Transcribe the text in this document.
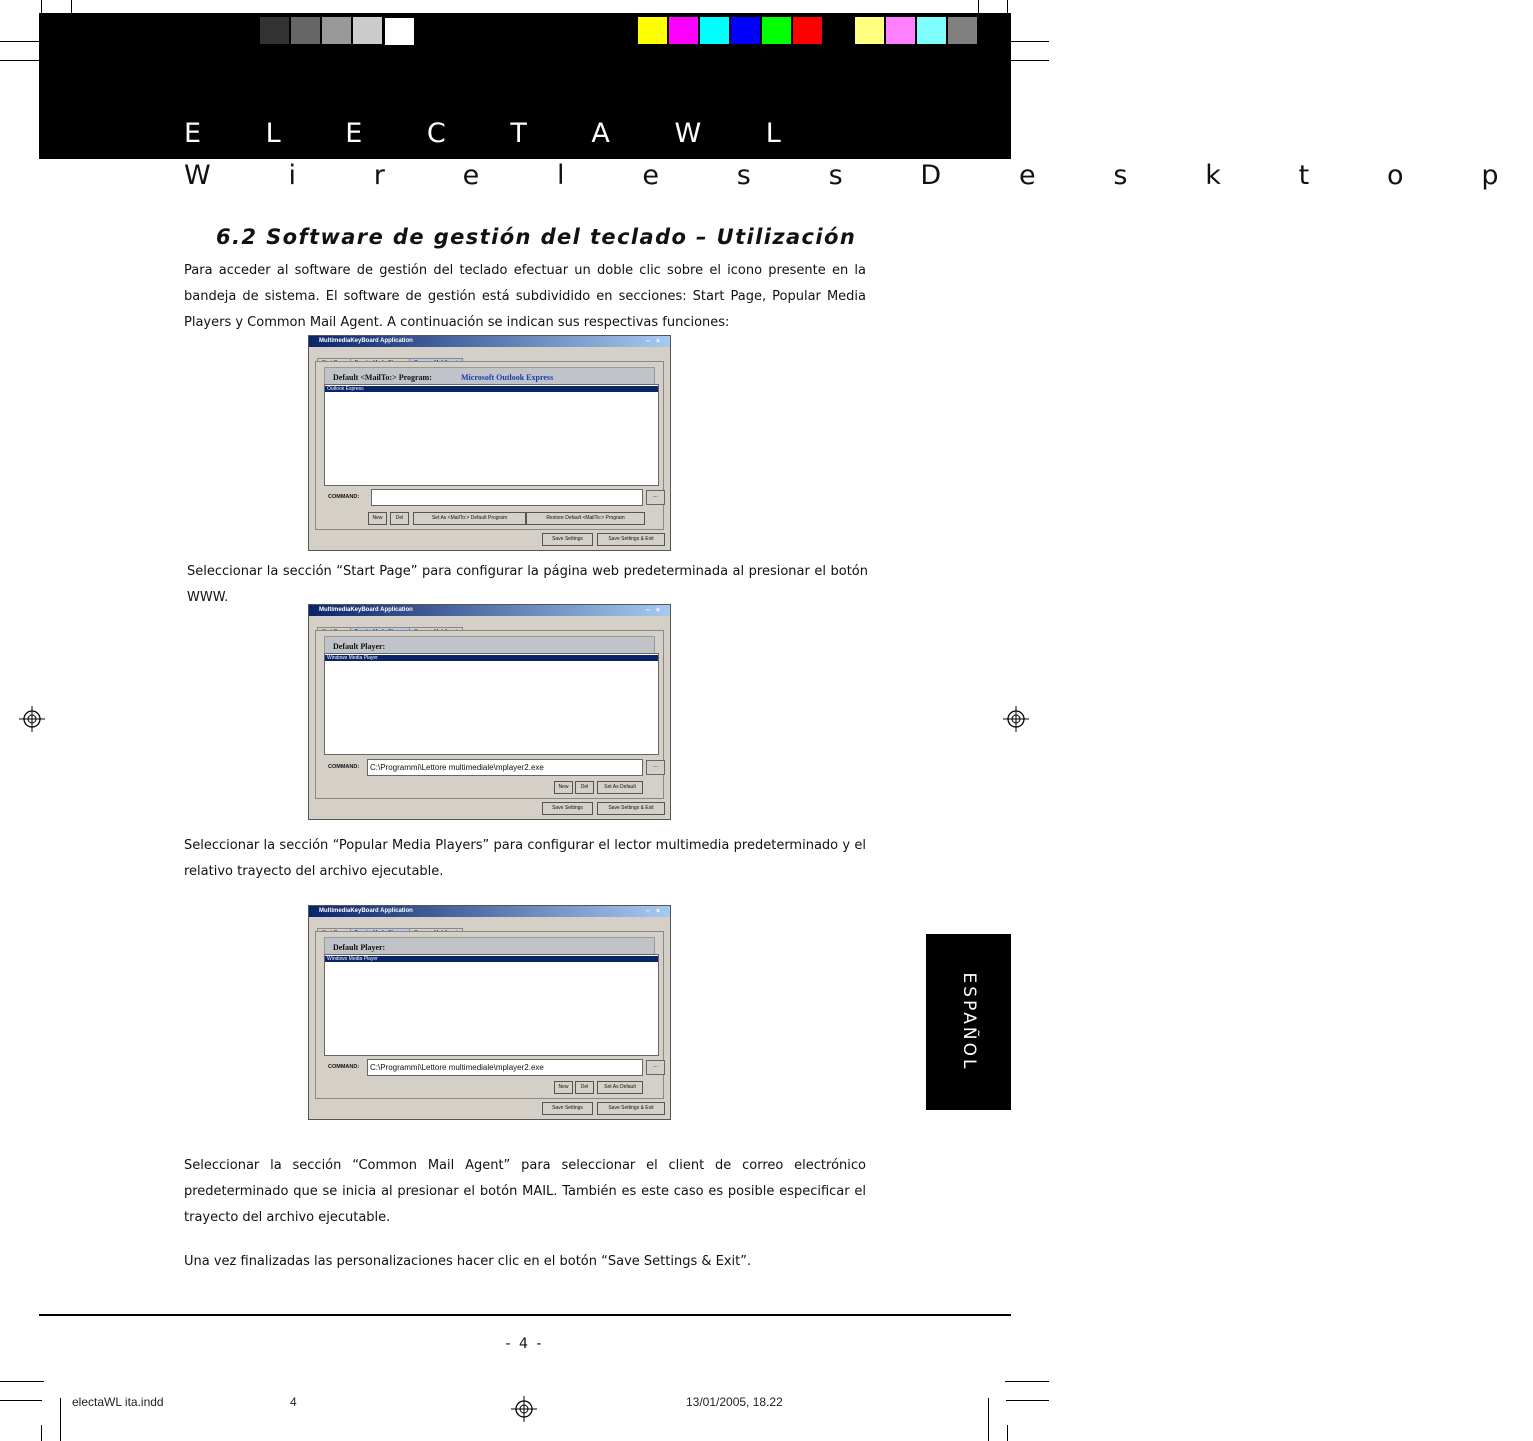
E L E C T A W L
W i r e l e s s D e s k t o p
6.2 Software de gestión del teclado – Utilización
Para acceder al software de gestión del teclado efectuar un doble clic sobre el icono presente en la bandeja de sistema. El software de gestión está subdividido en secciones: Start Page, Popular Media Players y Common Mail Agent. A continuación se indican sus respectivas funciones:
MultimediaKeyBoard Application	–×
Default <MailTo:> Program:	Microsoft Outlook Express
Outlook Express
COMMAND:	...
New	Del	Set As <MailTo:> Default Program	Restore Default <MailTo:> Program
Save Settings	Save Settings & Exit
Seleccionar la sección “Start Page” para configurar la página web predeterminada al presionar el botón WWW.
MultimediaKeyBoard Application	–×
Default Player:
Windows Media Player
COMMAND:	C:\Programmi\Lettore multimediale\mplayer2.exe	...
New	Del	Set As Default
Save Settings	Save Settings & Exit
Seleccionar la sección “Popular Media Players” para configurar el lector multimedia predeterminado y el relativo trayecto del archivo ejecutable.
MultimediaKeyBoard Application	–×
Default Player:
Windows Media Player
COMMAND:	C:\Programmi\Lettore multimediale\mplayer2.exe	...
New	Del	Set As Default
Save Settings	Save Settings & Exit
Seleccionar la sección “Common Mail Agent” para seleccionar el client de correo electrónico predeterminado que se inicia al presionar el botón MAIL. También es este caso es posible especificar el trayecto del archivo ejecutable.
Una vez finalizadas las personalizaciones hacer clic en el botón “Save Settings & Exit”.
ESPAÑOL
- 4 -
electaWL ita.indd	4	13/01/2005, 18.22
